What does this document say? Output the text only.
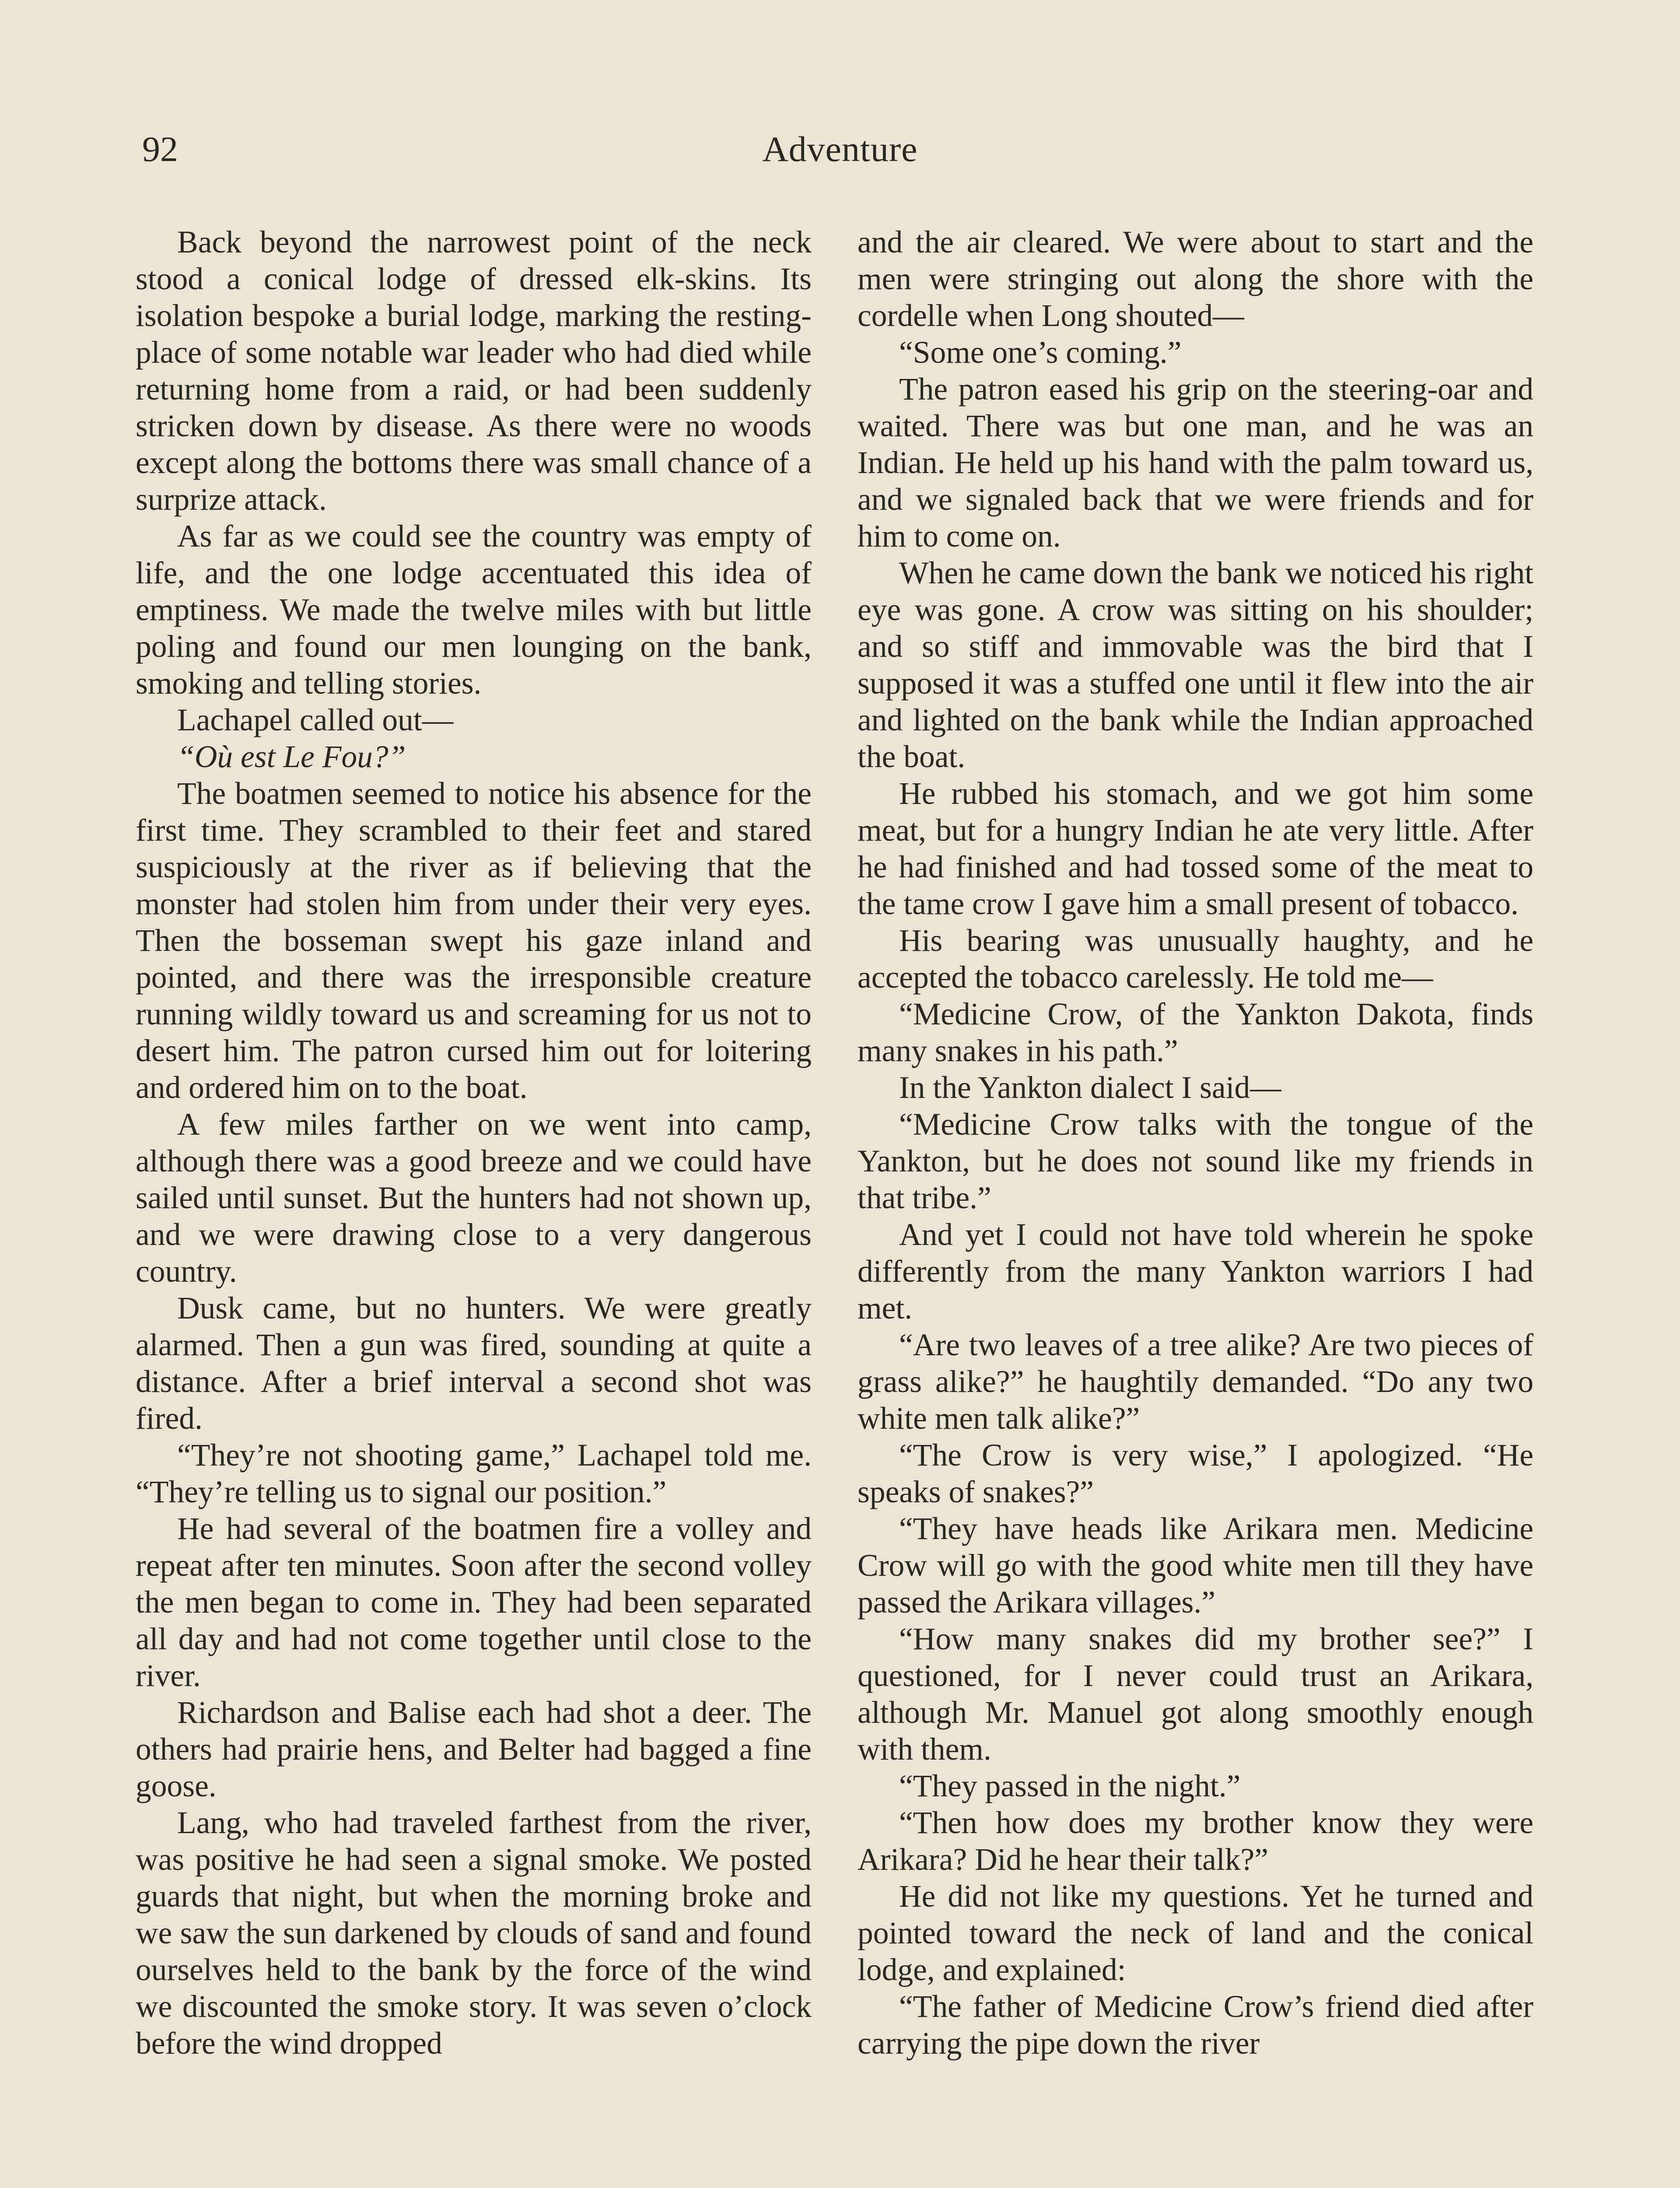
92	Adventure

Back beyond the narrowest point of the neck stood a conical lodge of dressed elk-skins. Its isolation bespoke a burial lodge, marking the resting-place of some notable war leader who had died while returning home from a raid, or had been suddenly stricken down by disease. As there were no woods except along the bottoms there was small chance of a surprize attack.

As far as we could see the country was empty of life, and the one lodge accentuated this idea of emptiness. We made the twelve miles with but little poling and found our men lounging on the bank, smoking and telling stories.

Lachapel called out—

“Où est Le Fou?”

The boatmen seemed to notice his absence for the first time. They scrambled to their feet and stared suspiciously at the river as if believing that the monster had stolen him from under their very eyes. Then the bosseman swept his gaze inland and pointed, and there was the irresponsible creature running wildly toward us and screaming for us not to desert him. The patron cursed him out for loitering and ordered him on to the boat.

A few miles farther on we went into camp, although there was a good breeze and we could have sailed until sunset. But the hunters had not shown up, and we were drawing close to a very dangerous country.

Dusk came, but no hunters. We were greatly alarmed. Then a gun was fired, sounding at quite a distance. After a brief interval a second shot was fired.

“They’re not shooting game,” Lachapel told me. “They’re telling us to signal our position.”

He had several of the boatmen fire a volley and repeat after ten minutes. Soon after the second volley the men began to come in. They had been separated all day and had not come together until close to the river.

Richardson and Balise each had shot a deer. The others had prairie hens, and Belter had bagged a fine goose.

Lang, who had traveled farthest from the river, was positive he had seen a signal smoke. We posted guards that night, but when the morning broke and we saw the sun darkened by clouds of sand and found ourselves held to the bank by the force of the wind we discounted the smoke story. It was seven o’clock before the wind dropped

and the air cleared. We were about to start and the men were stringing out along the shore with the cordelle when Long shouted—

“Some one’s coming.”

The patron eased his grip on the steering-oar and waited. There was but one man, and he was an Indian. He held up his hand with the palm toward us, and we signaled back that we were friends and for him to come on.

When he came down the bank we noticed his right eye was gone. A crow was sitting on his shoulder; and so stiff and immovable was the bird that I supposed it was a stuffed one until it flew into the air and lighted on the bank while the Indian approached the boat.

He rubbed his stomach, and we got him some meat, but for a hungry Indian he ate very little. After he had finished and had tossed some of the meat to the tame crow I gave him a small present of tobacco.

His bearing was unusually haughty, and he accepted the tobacco carelessly. He told me—

“Medicine Crow, of the Yankton Dakota, finds many snakes in his path.”

In the Yankton dialect I said—

“Medicine Crow talks with the tongue of the Yankton, but he does not sound like my friends in that tribe.”

And yet I could not have told wherein he spoke differently from the many Yankton warriors I had met.

“Are two leaves of a tree alike? Are two pieces of grass alike?” he haughtily demanded. “Do any two white men talk alike?”

“The Crow is very wise,” I apologized. “He speaks of snakes?”

“They have heads like Arikara men. Medicine Crow will go with the good white men till they have passed the Arikara villages.”

“How many snakes did my brother see?” I questioned, for I never could trust an Arikara, although Mr. Manuel got along smoothly enough with them.

“They passed in the night.”

“Then how does my brother know they were Arikara? Did he hear their talk?”

He did not like my questions. Yet he turned and pointed toward the neck of land and the conical lodge, and explained:

“The father of Medicine Crow’s friend died after carrying the pipe down the river
